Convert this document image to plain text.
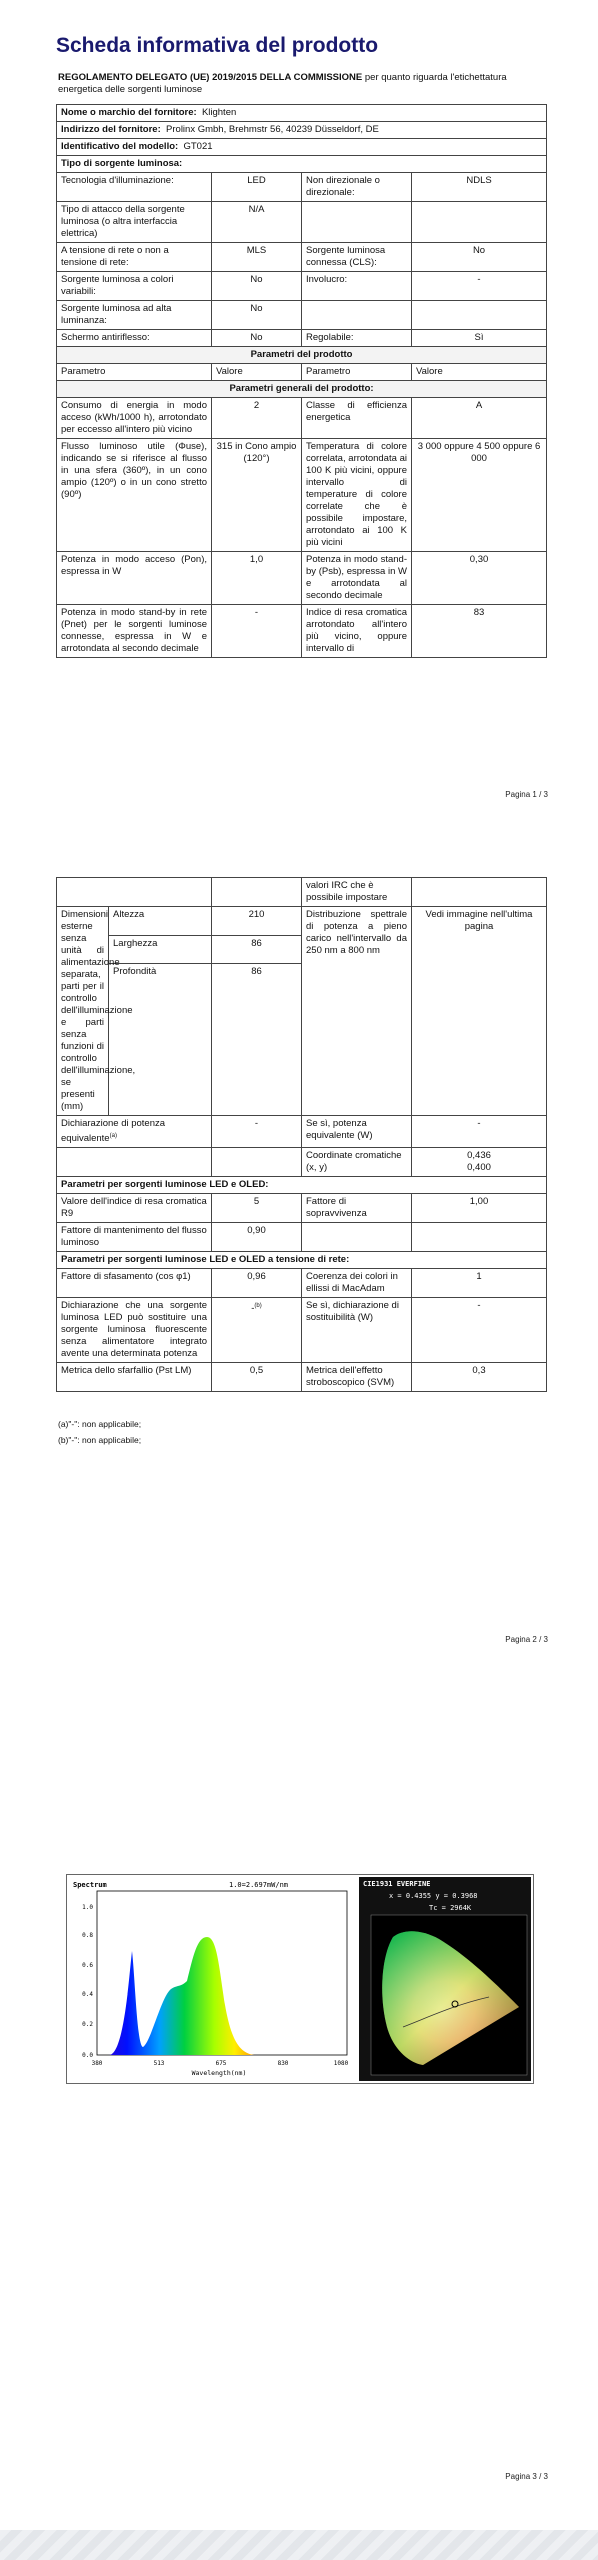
Scheda informativa del prodotto
REGOLAMENTO DELEGATO (UE) 2019/2015 DELLA COMMISSIONE per quanto riguarda l'etichettatura energetica delle sorgenti luminose
Nome o marchio del fornitore: Klighten			
Indirizzo del fornitore: Prolinx Gmbh, Brehmstr 56, 40239 Düsseldorf, DE			
Identificativo del modello: GT021			
Tipo di sorgente luminosa:			
Tecnologia d'illuminazione:	LED	Non direzionale o direzionale:	NDLS
Tipo di attacco della sorgente luminosa (o altra interfaccia elettrica)	N/A		
A tensione di rete o non a tensione di rete:	MLS	Sorgente luminosa connessa (CLS):	No
Sorgente luminosa a colori variabili:	No	Involucro:	-
Sorgente luminosa ad alta luminanza:	No		
Schermo antiriflesso:	No	Regolabile:	Sì
Parametri del prodotto			
Parametro	Valore	Parametro	Valore
Parametri generali del prodotto:			
Consumo di energia in modo acceso (kWh/1000 h), arrotondato per eccesso all'intero più vicino	2	Classe di efficienza energetica	A
Flusso luminoso utile (Φuse), indicando se si riferisce al flusso in una sfera (360º), in un cono ampio (120º) o in un cono stretto (90º)	315 in Cono ampio (120°)	Temperatura di colore correlata, arrotondata ai 100 K più vicini, oppure intervallo di temperature di colore correlate che è possibile impostare, arrotondato ai 100 K più vicini	3 000 oppure 4 500 oppure 6 000
Potenza in modo acceso (Pon), espressa in W	1,0	Potenza in modo stand-by (Psb), espressa in W e arrotondata al secondo decimale	0,30
Potenza in modo stand-by in rete (Pnet) per le sorgenti luminose connesse, espressa in W e arrotondata al secondo decimale	-	Indice di resa cromatica arrotondato all'intero più vicino, oppure intervallo di	83
Pagina 1 / 3
			valori IRC che è possibile impostare	
Dimensioni esterne senza unità di alimentazione separata, parti per il controllo dell'illuminazione e parti senza funzioni di controllo dell'illuminazione, se presenti (mm)	Altezza	210	Distribuzione spettrale di potenza a pieno carico nell'intervallo da 250 nm a 800 nm	Vedi immagine nell'ultima pagina
	Larghezza	86		
	Profondità	86		
Dichiarazione di potenza equivalente$^{(a)}$		-	Se sì, potenza equivalente (W)	-
			Coordinate cromatiche (x, y)	0,436
0,400

Parametri per sorgenti luminose LED e OLED:				
Valore dell'indice di resa cromatica R9		5	Fattore di sopravvivenza	1,00
Fattore di mantenimento del flusso luminoso		0,90		
Parametri per sorgenti luminose LED e OLED a tensione di rete:				
Fattore di sfasamento (cos φ1)		0,96	Coerenza dei colori in ellissi di MacAdam	1
Dichiarazione che una sorgente luminosa LED può sostituire una sorgente luminosa fluorescente senza alimentatore integrato avente una determinata potenza		-$^{(b)}$	Se sì, dichiarazione di sostituibilità (W)	-
Metrica dello sfarfallio (Pst LM)		0,5	Metrica dell'effetto stroboscopico (SVM)	0,3
(a)"-": non applicabile;
(b)"-": non applicabile;
Pagina 2 / 3
Spectrum	1.0=2.697mW/nm
380	513	675	830	1080
1.0
0.8
0.6
0.4
0.2
0.0
Wavelength(nm)
CIE1931 EVERFINE
x = 0.4355 y = 0.3968
Tc = 2964K
Pagina 3 / 3
